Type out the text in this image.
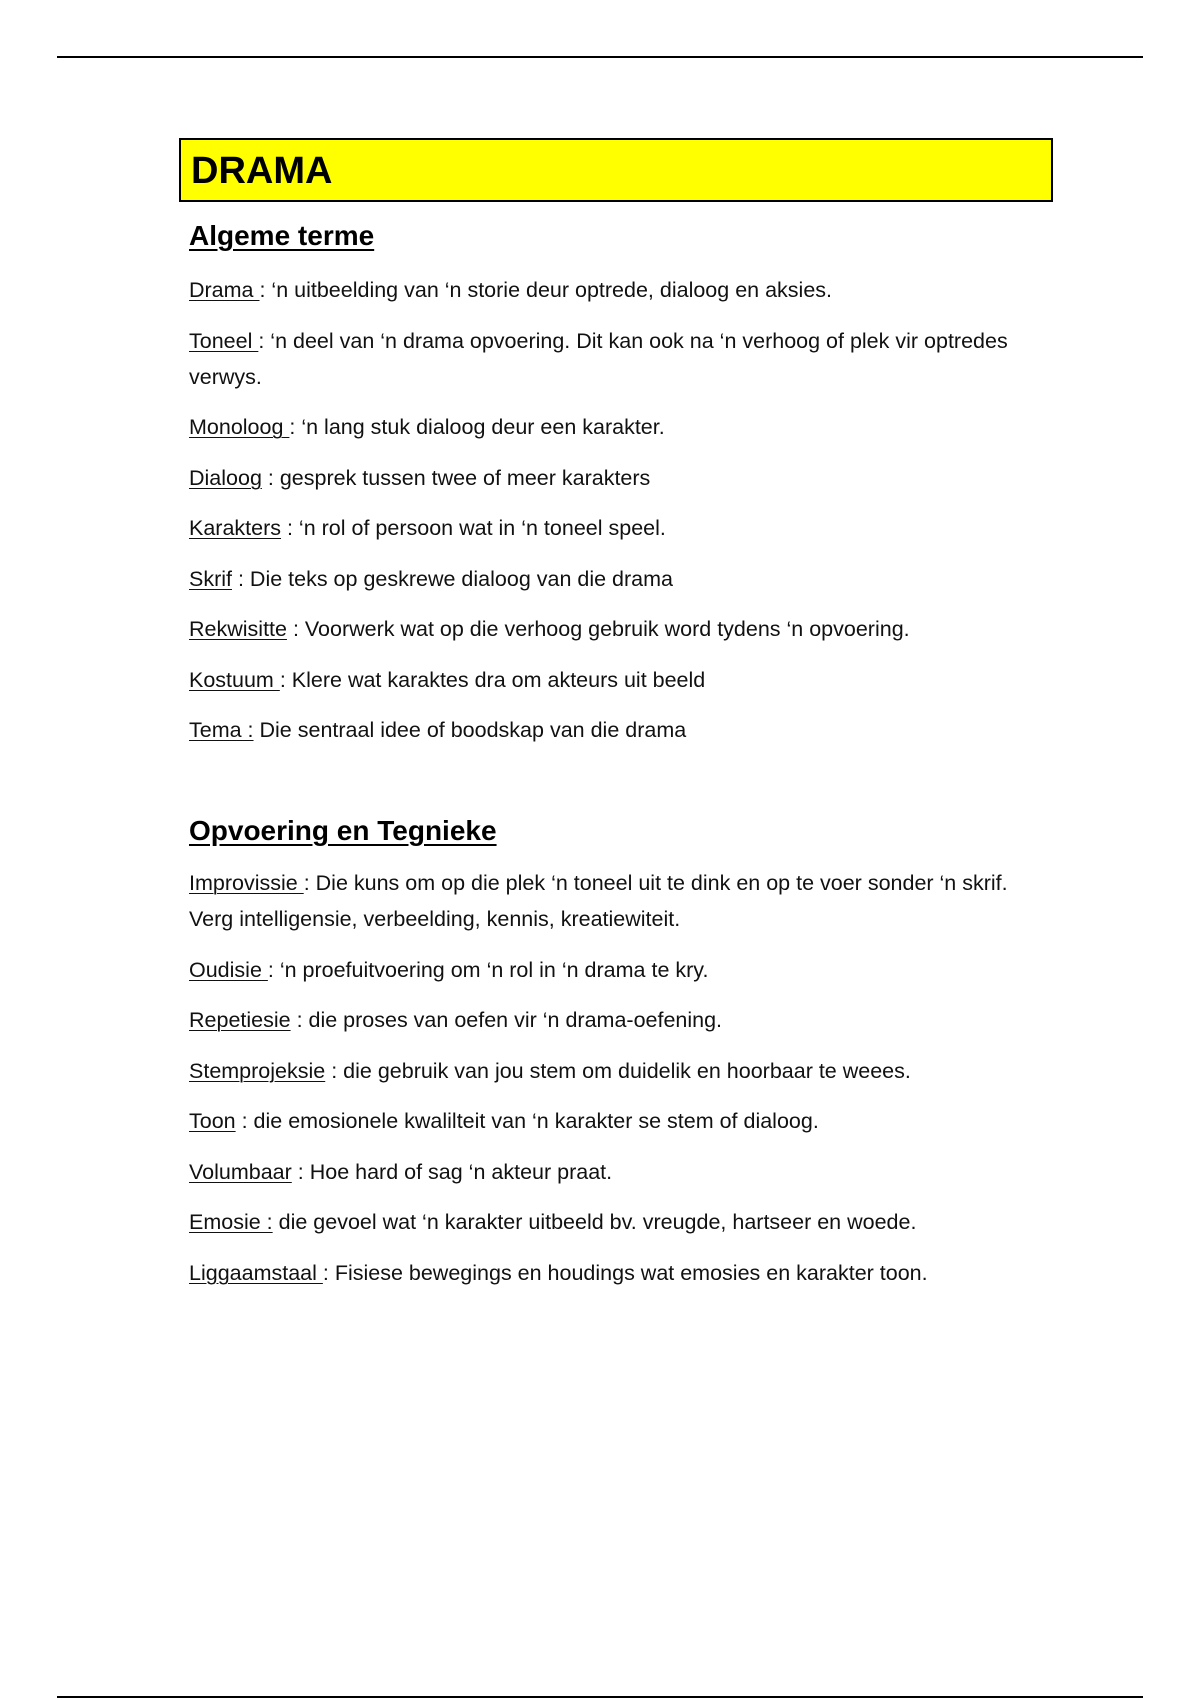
DRAMA
Algeme terme

Drama : ‘n uitbeelding van ‘n storie deur optrede, dialoog en aksies.

Toneel : ‘n deel van ‘n drama opvoering. Dit kan ook na ‘n verhoog of plek vir optredes verwys.

Monoloog : ‘n lang stuk dialoog deur een karakter.

Dialoog : gesprek tussen twee of meer karakters

Karakters : ‘n rol of persoon wat in ‘n toneel speel.

Skrif : Die teks op geskrewe dialoog van die drama

Rekwisitte : Voorwerk wat op die verhoog gebruik word tydens ‘n opvoering.

Kostuum : Klere wat karaktes dra om akteurs uit beeld

Tema : Die sentraal idee of boodskap van die drama

Opvoering en Tegnieke

Improvissie : Die kuns om op die plek ‘n toneel uit te dink en op te voer sonder ‘n skrif. Verg intelligensie, verbeelding, kennis, kreatiewiteit.

Oudisie : ‘n proefuitvoering om ‘n rol in ‘n drama te kry.

Repetiesie : die proses van oefen vir ‘n drama-oefening.

Stemprojeksie : die gebruik van jou stem om duidelik en hoorbaar te weees.

Toon : die emosionele kwalilteit van ‘n karakter se stem of dialoog.

Volumbaar : Hoe hard of sag ‘n akteur praat.

Emosie : die gevoel wat ‘n karakter uitbeeld bv. vreugde, hartseer en woede.

Liggaamstaal : Fisiese bewegings en houdings wat emosies en karakter toon.
